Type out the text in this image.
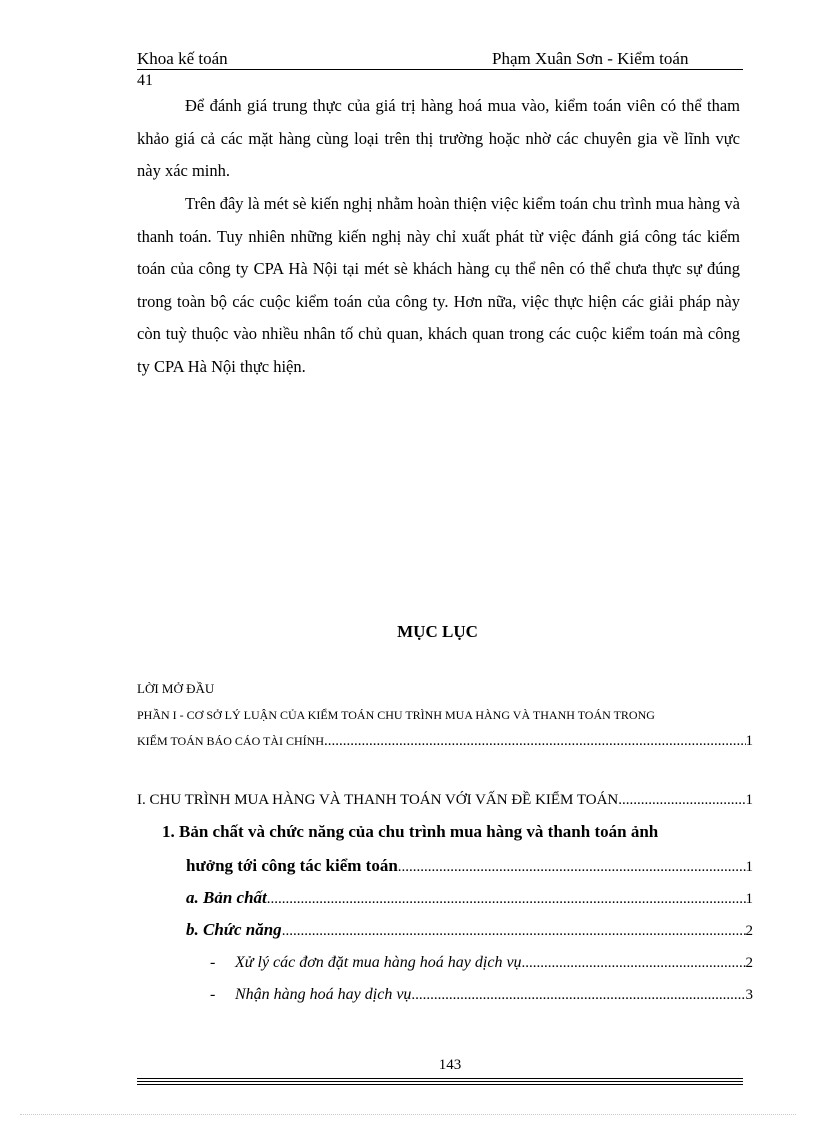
Khoa kế toán	Phạm Xuân Sơn - Kiểm toán
41
Để đánh giá trung thực của giá trị hàng hoá mua vào, kiểm toán viên có thể tham khảo giá cả các mặt hàng cùng loại trên thị trường hoặc nhờ các chuyên gia về lĩnh vực này xác minh.
Trên đây là mét sè kiến nghị nhằm hoàn thiện việc kiểm toán chu trình mua hàng và thanh toán. Tuy nhiên những kiến nghị này chỉ xuất phát từ việc đánh giá công tác kiểm toán của công ty CPA Hà Nội tại mét sè khách hàng cụ thể nên có thể chưa thực sự đúng trong toàn bộ các cuộc kiểm toán của công ty. Hơn nữa, việc thực hiện các giải pháp này còn tuỳ thuộc vào nhiều nhân tố chủ quan, khách quan trong các cuộc kiểm toán mà công ty CPA Hà Nội thực hiện.
MỤC LỤC
LỜI MỞ ĐẦU
PHẦN I - CƠ SỞ LÝ LUẬN CỦA KIỂM TOÁN CHU TRÌNH MUA HÀNG VÀ THANH TOÁN TRONG
KIỂM TOÁN BÁO CÁO TÀI CHÍNH .....	1
I. CHU TRÌNH MUA HÀNG VÀ THANH TOÁN VỚI VẤN ĐỀ KIỂM TOÁN .....	1
1. Bản chất và chức năng của chu trình mua hàng và thanh toán ảnh
hưởng tới công tác kiểm toán .....	1
a. Bản chất .....	1
b. Chức năng .....	2
- Xử lý các đơn đặt mua hàng hoá hay dịch vụ .....	2
- Nhận hàng hoá hay dịch vụ .....	3
143
